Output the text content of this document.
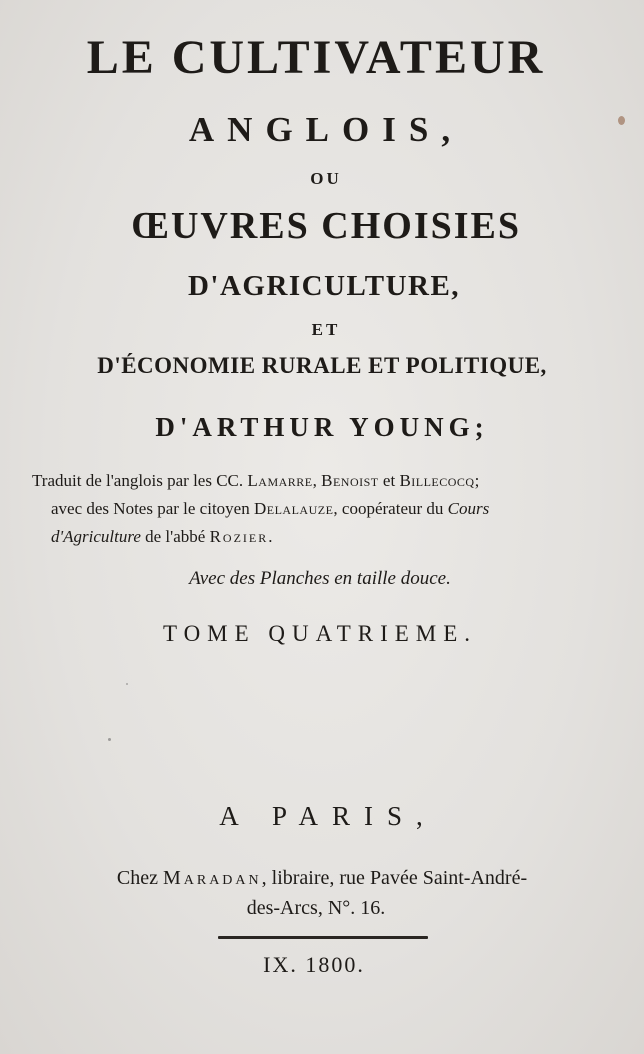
LE CULTIVATEUR
ANGLOIS,
OU
ŒUVRES CHOISIES
D'AGRICULTURE,
ET
D'ÉCONOMIE RURALE ET POLITIQUE,
D'ARTHUR YOUNG;
Traduit de l'anglois par les CC. Lamarre, Benoist et Billecocq;
avec des Notes par le citoyen Delalauze, coopérateur du Cours
d'Agriculture de l'abbé Rozier.
Avec des Planches en taille douce.
TOME QUATRIEME.
A PARIS,
Chez Maradan, libraire, rue Pavée Saint-André-
des-Arcs, N°. 16.
IX. 1800.
